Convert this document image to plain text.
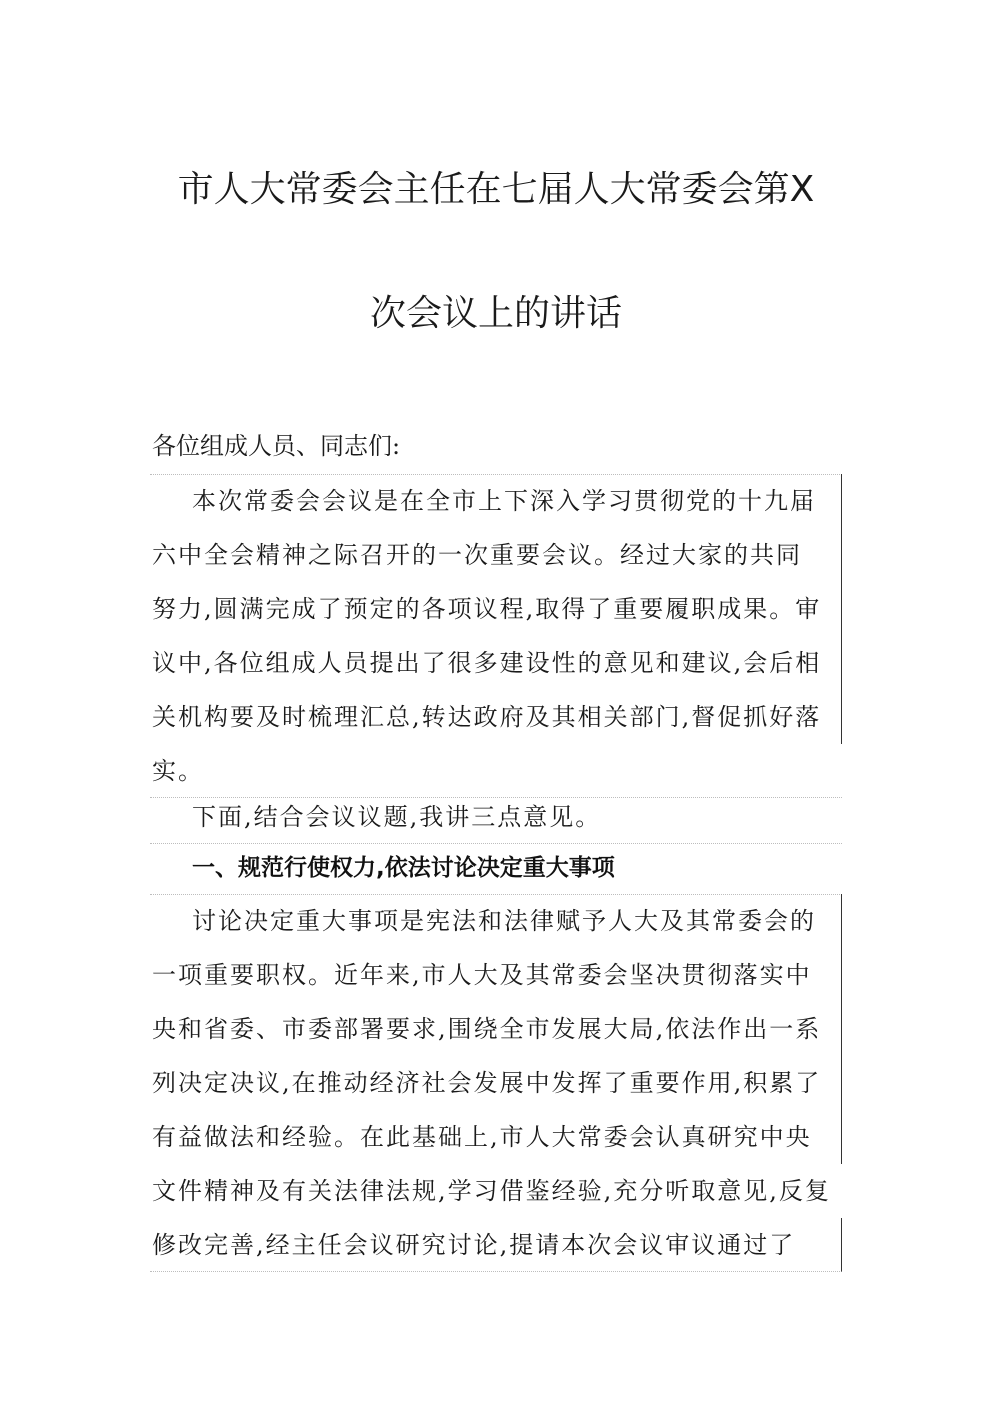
市人大常委会主任在七届人大常委会第X
次会议上的讲话
各位组成人员、同志们:
本次常委会会议是在全市上下深入学习贯彻党的十九届
六中全会精神之际召开的一次重要会议。经过大家的共同
努力,圆满完成了预定的各项议程,取得了重要履职成果。审
议中,各位组成人员提出了很多建设性的意见和建议,会后相
关机构要及时梳理汇总,转达政府及其相关部门,督促抓好落
实。
下面,结合会议议题,我讲三点意见。
一、规范行使权力,依法讨论决定重大事项
讨论决定重大事项是宪法和法律赋予人大及其常委会的
一项重要职权。近年来,市人大及其常委会坚决贯彻落实中
央和省委、市委部署要求,围绕全市发展大局,依法作出一系
列决定决议,在推动经济社会发展中发挥了重要作用,积累了
有益做法和经验。在此基础上,市人大常委会认真研究中央
文件精神及有关法律法规,学习借鉴经验,充分听取意见,反复
修改完善,经主任会议研究讨论,提请本次会议审议通过了
